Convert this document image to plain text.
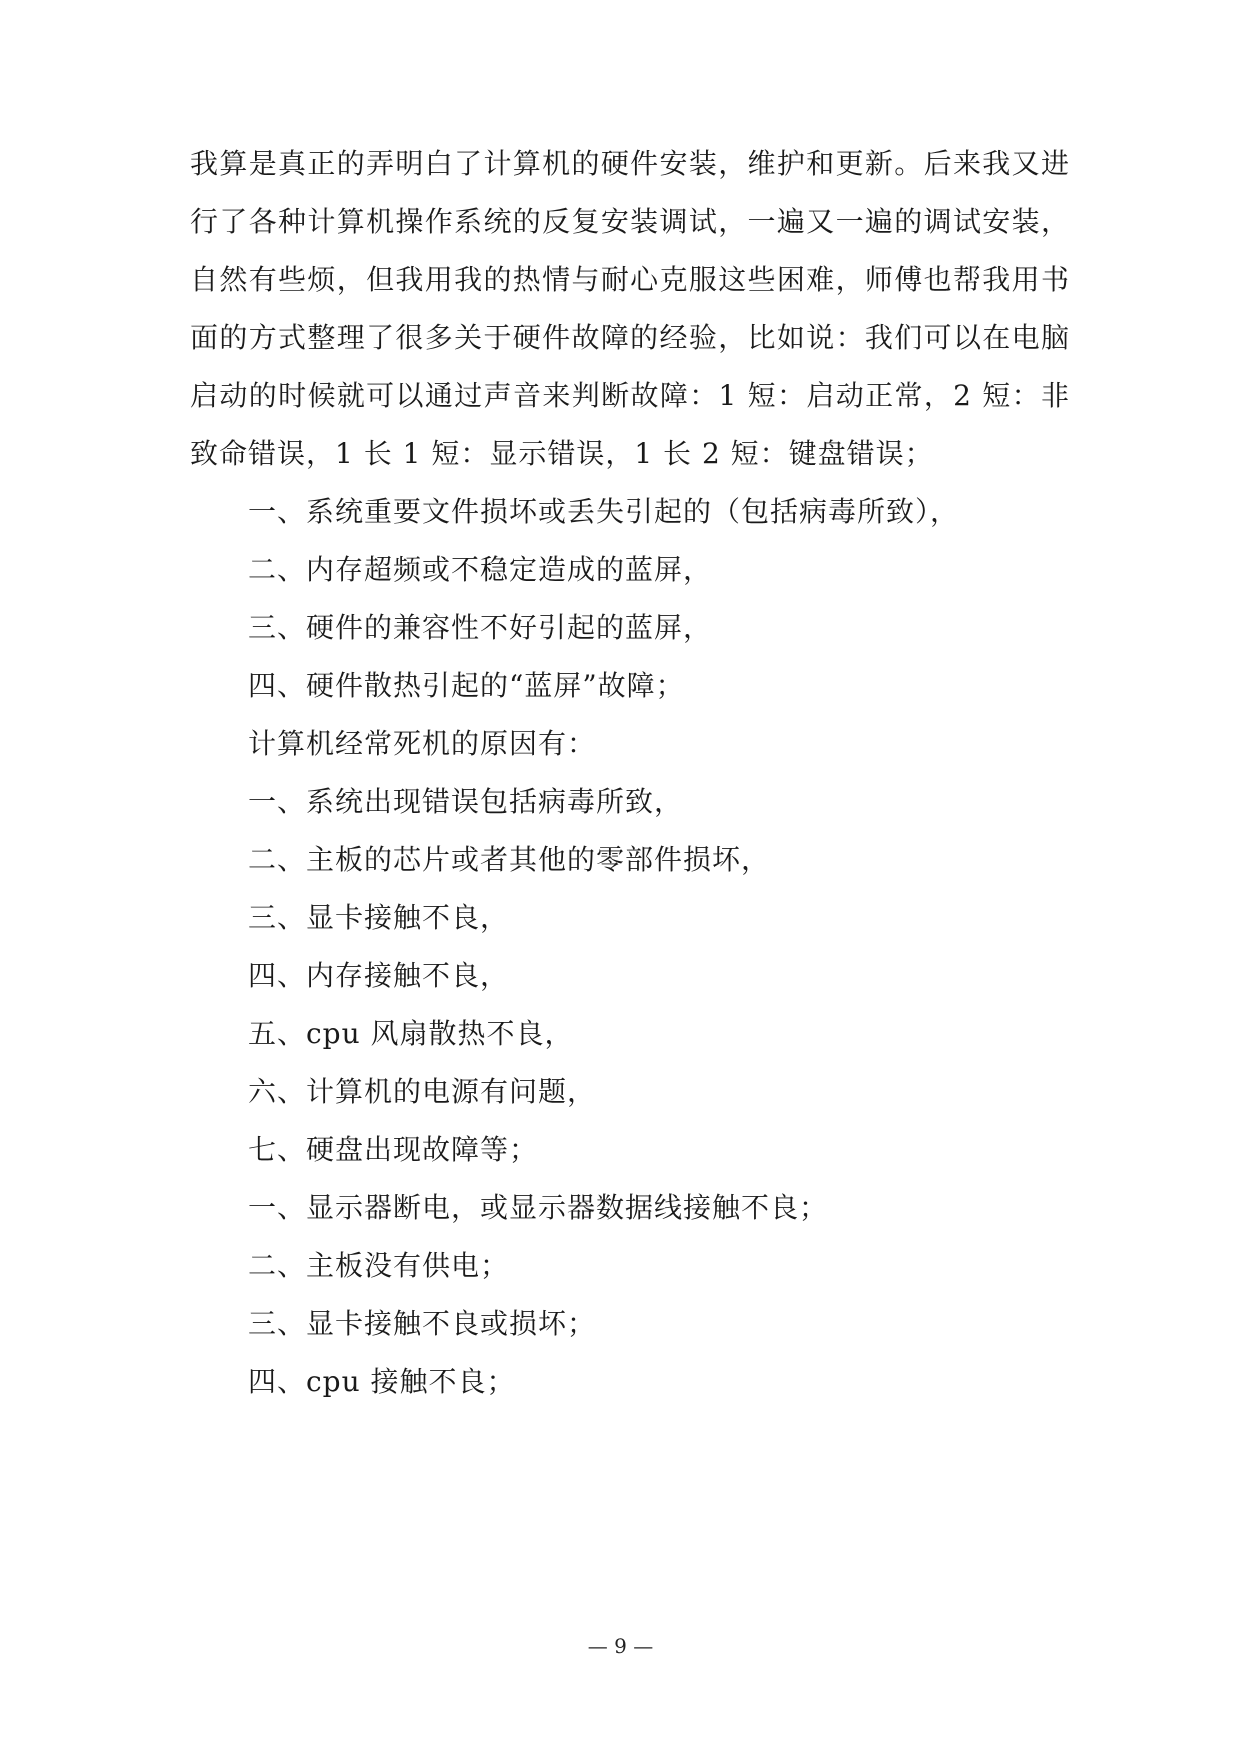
我算是真正的弄明白了计算机的硬件安装，维护和更新。后来我又进
行了各种计算机操作系统的反复安装调试，一遍又一遍的调试安装，
自然有些烦，但我用我的热情与耐心克服这些困难，师傅也帮我用书
面的方式整理了很多关于硬件故障的经验，比如说：我们可以在电脑
启动的时候就可以通过声音来判断故障：1 短：启动正常，2 短：非
致命错误，1 长 1 短：显示错误，1 长 2 短：键盘错误；
一、系统重要文件损坏或丢失引起的（包括病毒所致），
二、内存超频或不稳定造成的蓝屏，
三、硬件的兼容性不好引起的蓝屏，
四、硬件散热引起的“蓝屏”故障；
计算机经常死机的原因有：
一、系统出现错误包括病毒所致，
二、主板的芯片或者其他的零部件损坏，
三、显卡接触不良，
四、内存接触不良，
五、cpu 风扇散热不良，
六、计算机的电源有问题，
七、硬盘出现故障等；
一、显示器断电，或显示器数据线接触不良；
二、主板没有供电；
三、显卡接触不良或损坏；
四、cpu 接触不良；
— 9 —
